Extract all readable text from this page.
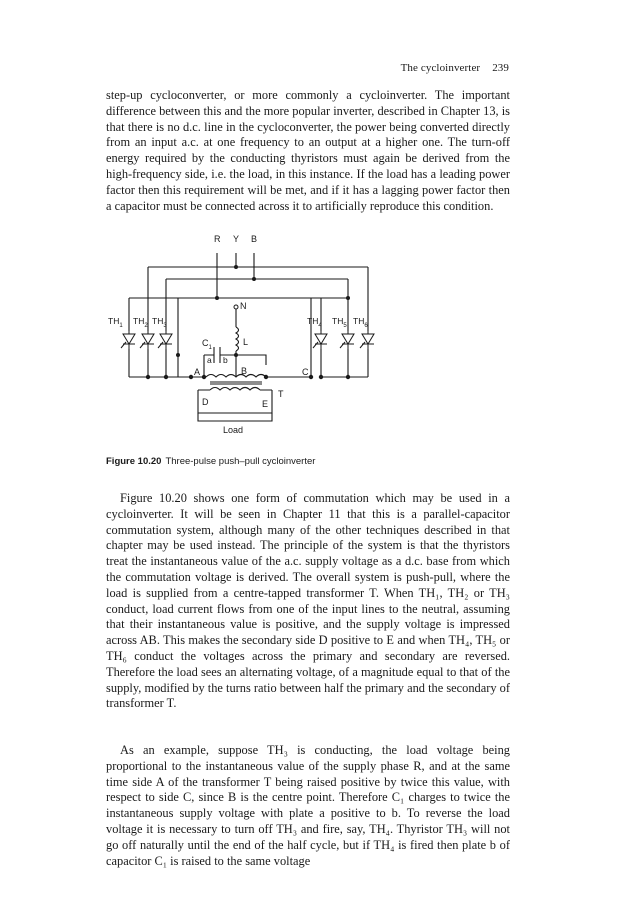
The cycloinverter 239

step-up cycloconverter, or more commonly a cycloinverter. The important difference between this and the more popular inverter, described in Chapter 13, is that there is no d.c. line in the cycloconverter, the power being converted directly from an input a.c. at one frequency to an output at a higher one. The turn-off energy required by the conducting thyristors must again be derived from the high-frequency side, i.e. the load, in this instance. If the load has a leading power factor then this requirement will be met, and if it has a lagging power factor then a capacitor must be connected across it to artificially reproduce this condition.

R Y B
$TH_1$ $TH_2$ $TH_3$	$TH_4$ $TH_5$ $TH_6$
N
L
$C_1$
a b
A	B	C
D	E
T
Load
Figure 10.20 Three-pulse push–pull cycloinverter

Figure 10.20 shows one form of commutation which may be used in a cycloinverter. It will be seen in Chapter 11 that this is a parallel-capacitor commutation system, although many of the other techniques described in that chapter may be used instead. The principle of the system is that the thyristors treat the instantaneous value of the a.c. supply voltage as a d.c. base from which the commutation voltage is derived. The overall system is push-pull, where the load is supplied from a centre-tapped transformer T. When TH₁, TH₂ or TH₃ conduct, load current flows from one of the input lines to the neutral, assuming that their instantaneous value is positive, and the supply voltage is impressed across AB. This makes the secondary side D positive to E and when TH₄, TH₅ or TH₆ conduct the voltages across the primary and secondary are reversed. Therefore the load sees an alternating voltage, of a magnitude equal to that of the supply, modified by the turns ratio between half the primary and the secondary of transformer T.

As an example, suppose TH₃ is conducting, the load voltage being proportional to the instantaneous value of the supply phase R, and at the same time side A of the transformer T being raised positive by twice this value, with respect to side C, since B is the centre point. Therefore C₁ charges to twice the instantaneous supply voltage with plate a positive to b. To reverse the load voltage it is necessary to turn off TH₃ and fire, say, TH₄. Thyristor TH₃ will not go off naturally until the end of the half cycle, but if TH₄ is fired then plate b of capacitor C₁ is raised to the same voltage
